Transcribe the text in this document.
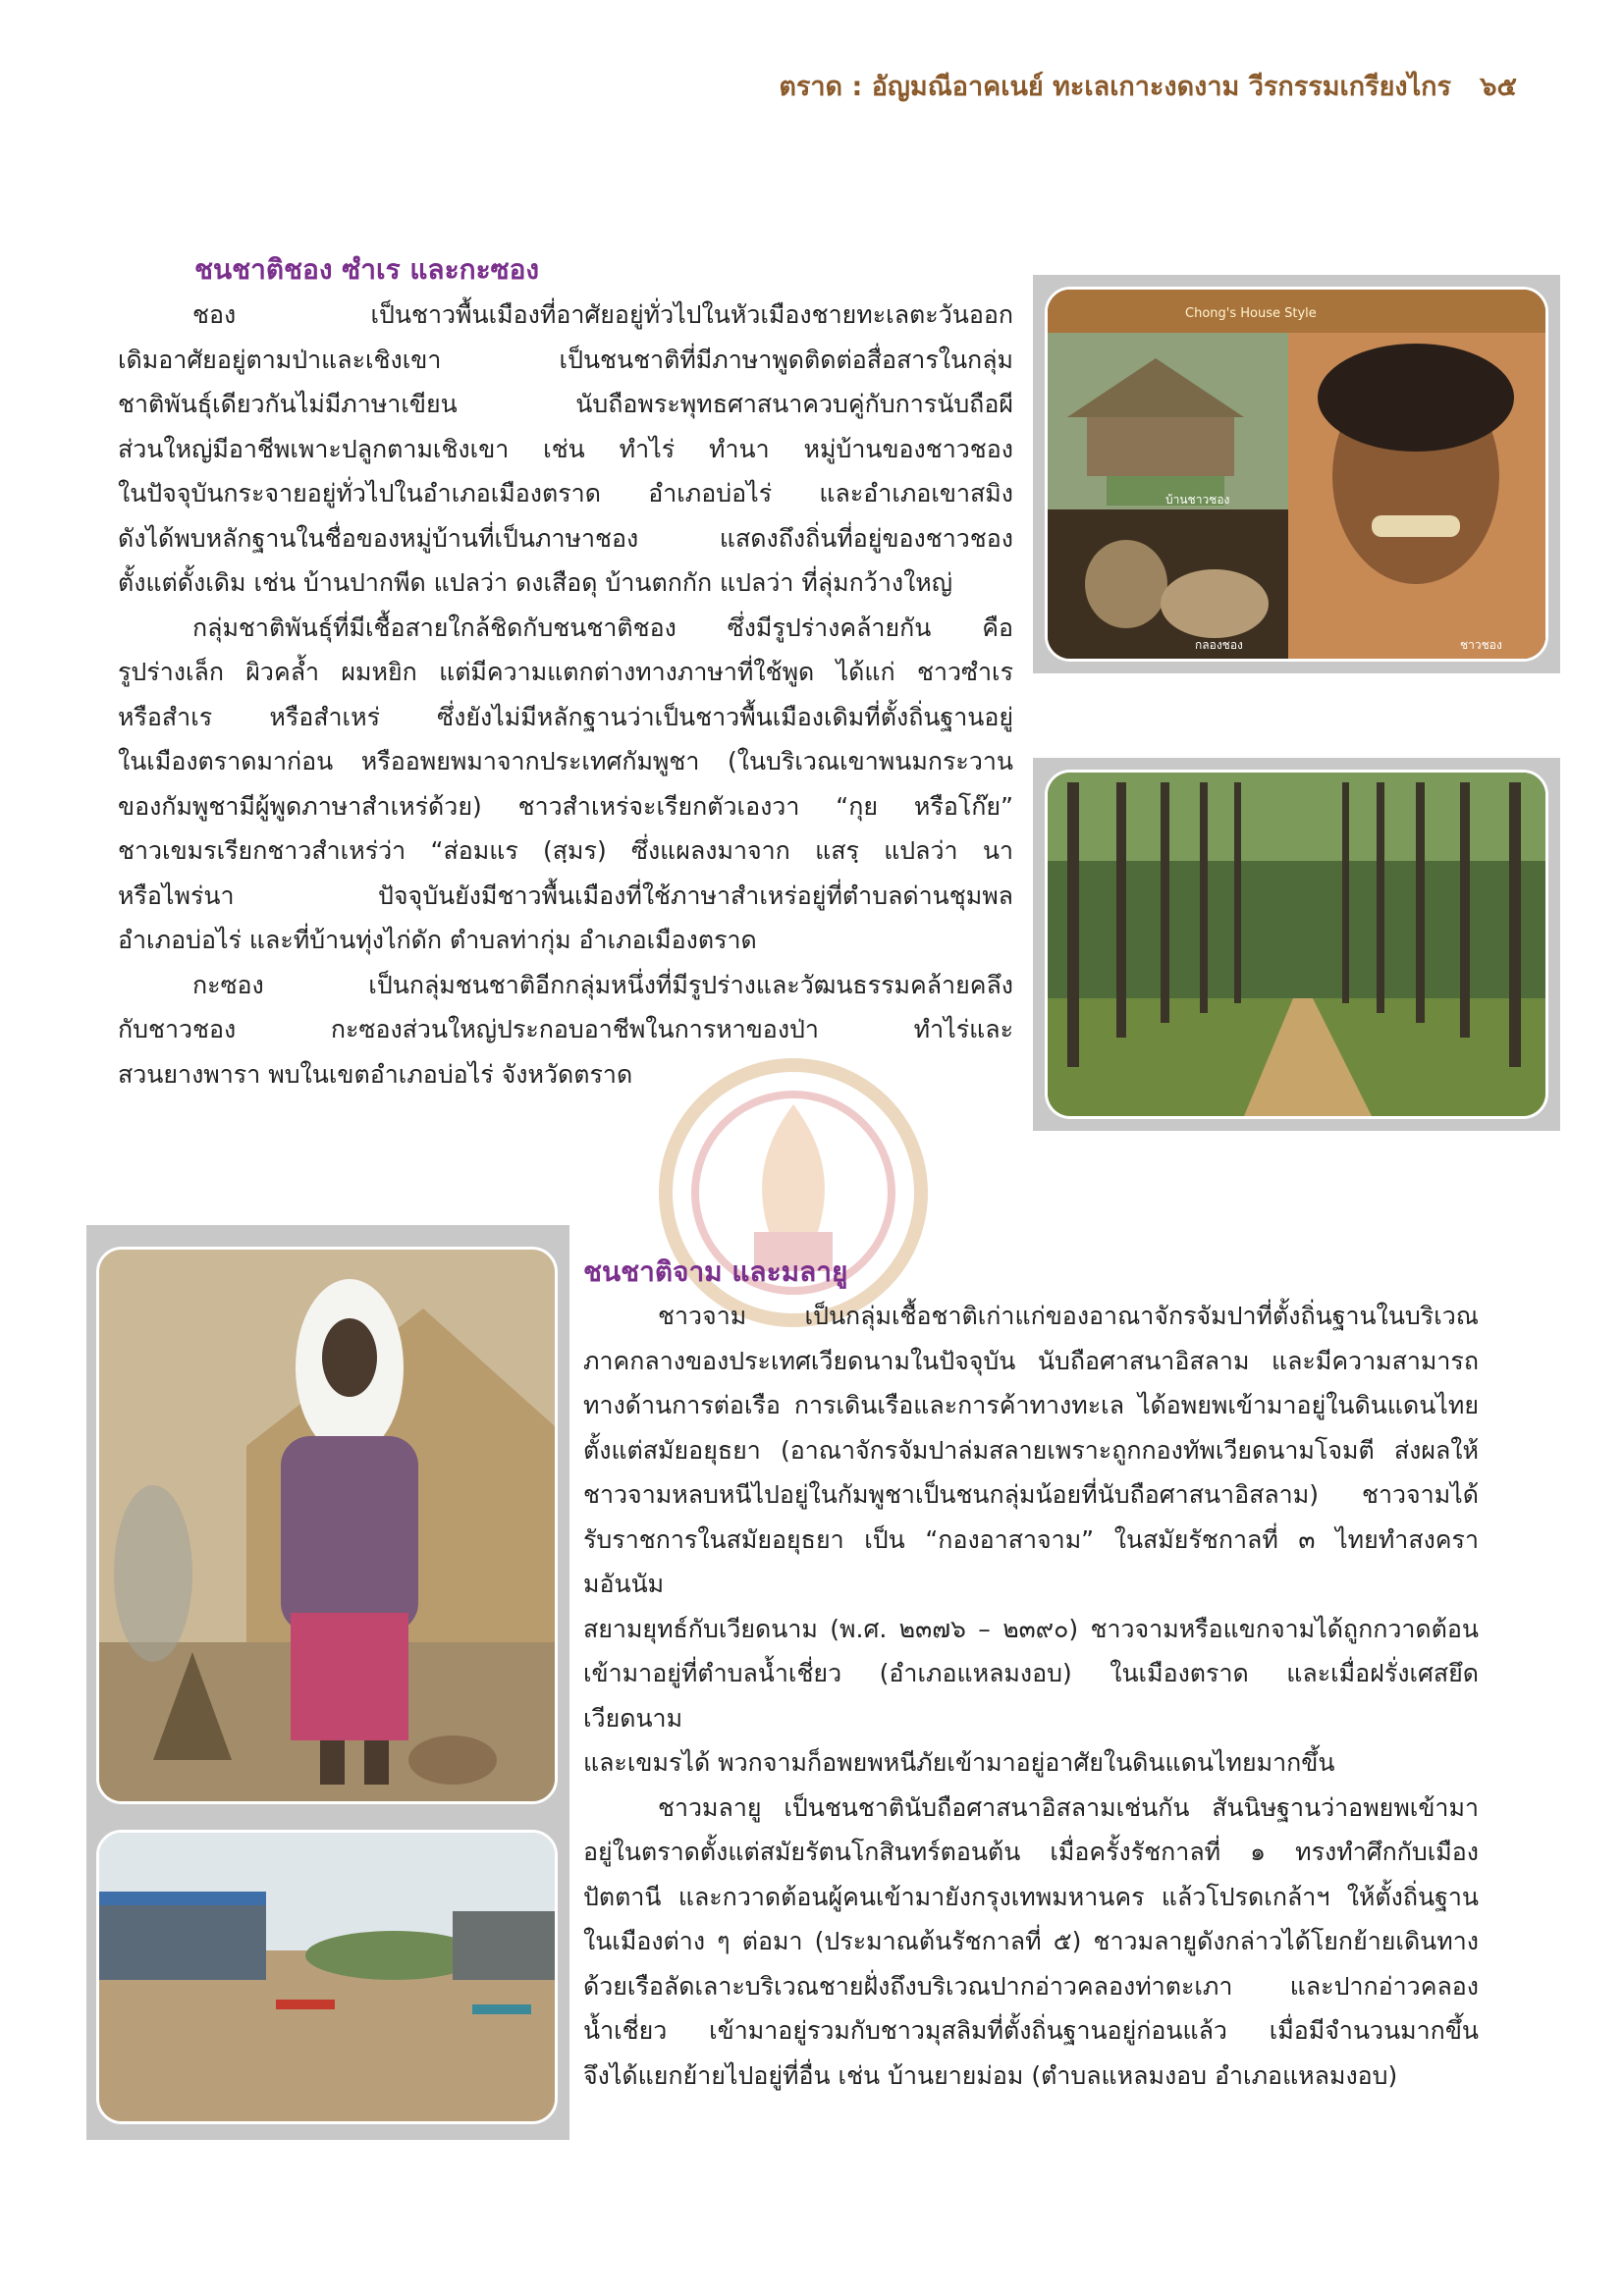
ตราด : อัญมณีอาคเนย์ ทะเลเกาะงดงาม วีรกรรมเกรียงไกร ๖๕
ชนชาติชอง ซำเร และกะซอง

ชอง เป็นชาวพื้นเมืองที่อาศัยอยู่ทั่วไปในหัวเมืองชายทะเลตะวันออก

เดิมอาศัยอยู่ตามป่าและเชิงเขา เป็นชนชาติที่มีภาษาพูดติดต่อสื่อสารในกลุ่ม

ชาติพันธุ์เดียวกันไม่มีภาษาเขียน นับถือพระพุทธศาสนาควบคู่กับการนับถือผี

ส่วนใหญ่มีอาชีพเพาะปลูกตามเชิงเขา เช่น ทำไร่ ทำนา หมู่บ้านของชาวชอง

ในปัจจุบันกระจายอยู่ทั่วไปในอำเภอเมืองตราด อำเภอบ่อไร่ และอำเภอเขาสมิง

ดังได้พบหลักฐานในชื่อของหมู่บ้านที่เป็นภาษาชอง แสดงถึงถิ่นที่อยู่ของชาวชอง

ตั้งแต่ดั้งเดิม เช่น บ้านปากพีด แปลว่า ดงเสือดุ บ้านตกกัก แปลว่า ที่ลุ่มกว้างใหญ่

กลุ่มชาติพันธุ์ที่มีเชื้อสายใกล้ชิดกับชนชาติชอง ซึ่งมีรูปร่างคล้ายกัน คือ

รูปร่างเล็ก ผิวคล้ำ ผมหยิก แต่มีความแตกต่างทางภาษาที่ใช้พูด ได้แก่ ชาวซำเร

หรือสำเร หรือสำเหร่ ซึ่งยังไม่มีหลักฐานว่าเป็นชาวพื้นเมืองเดิมที่ตั้งถิ่นฐานอยู่

ในเมืองตราดมาก่อน หรืออพยพมาจากประเทศกัมพูชา (ในบริเวณเขาพนมกระวาน

ของกัมพูชามีผู้พูดภาษาสำเหร่ด้วย) ชาวสำเหร่จะเรียกตัวเองวา “กุย หรือโก๊ย”

ชาวเขมรเรียกชาวสำเหร่ว่า “ส่อมแร (สฺมร) ซึ่งแผลงมาจาก แสรฺ แปลว่า นา

หรือไพร่นา ปัจจุบันยังมีชาวพื้นเมืองที่ใช้ภาษาสำเหร่อยู่ที่ตำบลด่านชุมพล

อำเภอบ่อไร่ และที่บ้านทุ่งไก่ดัก ตำบลท่ากุ่ม อำเภอเมืองตราด

กะซอง เป็นกลุ่มชนชาติอีกกลุ่มหนึ่งที่มีรูปร่างและวัฒนธรรมคล้ายคลึง

กับชาวชอง กะซองส่วนใหญ่ประกอบอาชีพในการหาของป่า ทำไร่และ

สวนยางพารา พบในเขตอำเภอบ่อไร่ จังหวัดตราด

Chong's House Style
บ้านชาวชอง
กลองชอง	ชาวชอง
ชนชาติจาม และมลายู

ชาวจาม เป็นกลุ่มเชื้อชาติเก่าแก่ของอาณาจักรจัมปาที่ตั้งถิ่นฐานในบริเวณ

ภาคกลางของประเทศเวียดนามในปัจจุบัน นับถือศาสนาอิสลาม และมีความสามารถ

ทางด้านการต่อเรือ การเดินเรือและการค้าทางทะเล ได้อพยพเข้ามาอยู่ในดินแดนไทย

ตั้งแต่สมัยอยุธยา (อาณาจักรจัมปาล่มสลายเพราะถูกกองทัพเวียดนามโจมตี ส่งผลให้

ชาวจามหลบหนีไปอยู่ในกัมพูชาเป็นชนกลุ่มน้อยที่นับถือศาสนาอิสลาม) ชาวจามได้

รับราชการในสมัยอยุธยา เป็น “กองอาสาจาม” ในสมัยรัชกาลที่ ๓ ไทยทำสงครามอันนัม

สยามยุทธ์กับเวียดนาม (พ.ศ. ๒๓๗๖ – ๒๓๙๐) ชาวจามหรือแขกจามได้ถูกกวาดต้อน

เข้ามาอยู่ที่ตำบลน้ำเชี่ยว (อำเภอแหลมงอบ) ในเมืองตราด และเมื่อฝรั่งเศสยึดเวียดนาม

และเขมรได้ พวกจามก็อพยพหนีภัยเข้ามาอยู่อาศัยในดินแดนไทยมากขึ้น

ชาวมลายู เป็นชนชาตินับถือศาสนาอิสลามเช่นกัน สันนิษฐานว่าอพยพเข้ามา

อยู่ในตราดตั้งแต่สมัยรัตนโกสินทร์ตอนต้น เมื่อครั้งรัชกาลที่ ๑ ทรงทำศึกกับเมือง

ปัตตานี และกวาดต้อนผู้คนเข้ามายังกรุงเทพมหานคร แล้วโปรดเกล้าฯ ให้ตั้งถิ่นฐาน

ในเมืองต่าง ๆ ต่อมา (ประมาณต้นรัชกาลที่ ๕) ชาวมลายูดังกล่าวได้โยกย้ายเดินทาง

ด้วยเรือลัดเลาะบริเวณชายฝั่งถึงบริเวณปากอ่าวคลองท่าตะเภา และปากอ่าวคลอง

น้ำเชี่ยว เข้ามาอยู่รวมกับชาวมุสลิมที่ตั้งถิ่นฐานอยู่ก่อนแล้ว เมื่อมีจำนวนมากขึ้น

จึงได้แยกย้ายไปอยู่ที่อื่น เช่น บ้านยายม่อม (ตำบลแหลมงอบ อำเภอแหลมงอบ)
